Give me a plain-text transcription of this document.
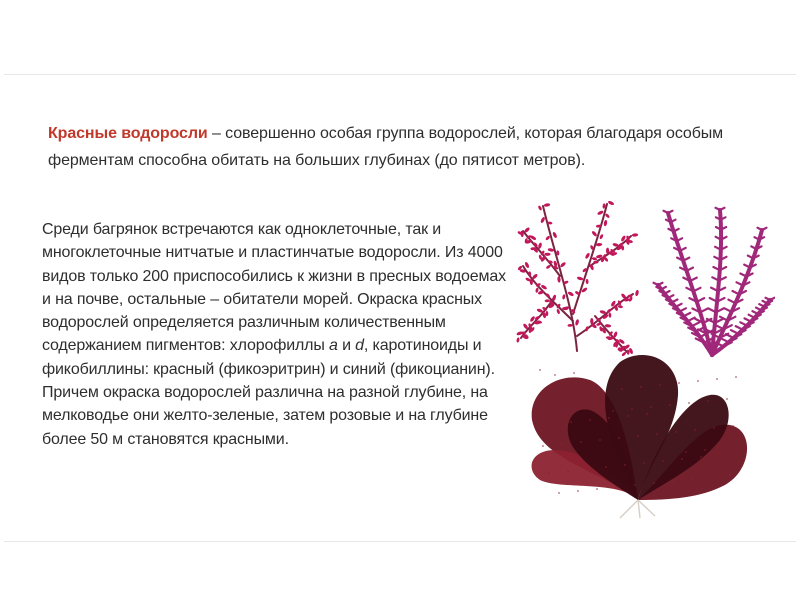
Красные водоросли – совершенно особая группа водорослей, которая благодаря особым ферментам способна обитать на больших глубинах (до пятисот метров).

Среди багрянок встречаются как одноклеточные, так и многоклеточные нитчатые и пластинчатые водоросли. Из 4000 видов только 200 приспособились к жизни в пресных водоемах и на почве, остальные – обитатели морей. Окраска красных водорослей определяется различным количественным содержанием пигментов: хлорофиллы a и d, каротиноиды и фикобиллины: красный (фикоэритрин) и синий (фикоцианин). Причем окраска водорослей различна на разной глубине, на мелководье они желто-зеленые, затем розовые и на глубине более 50 м становятся красными.
